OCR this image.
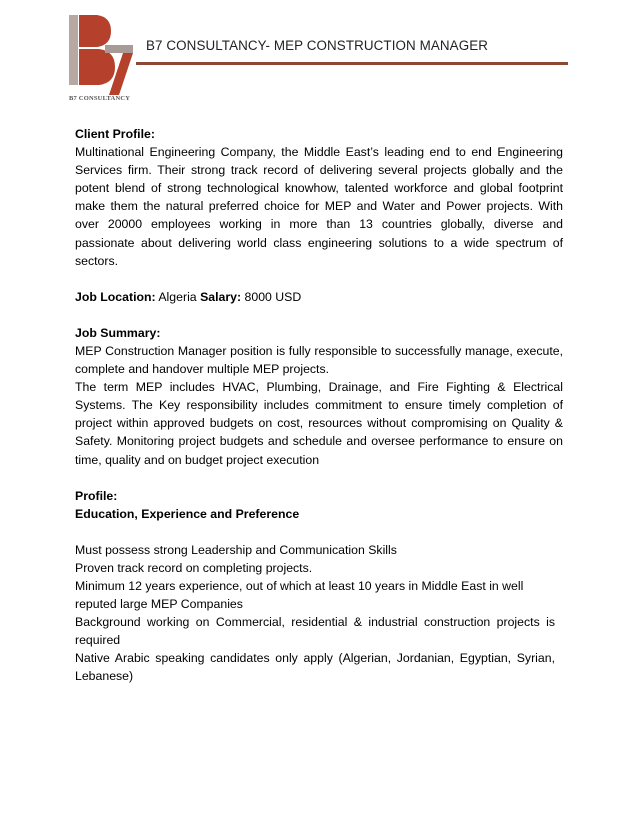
B7 CONSULTANCY
B7 CONSULTANCY- MEP CONSTRUCTION MANAGER

Client Profile:

Multinational Engineering Company, the Middle East’s leading end to end Engineering Services firm. Their strong track record of delivering several projects globally and the potent blend of strong technological knowhow, talented workforce and global footprint make them the natural preferred choice for MEP and Water and Power projects. With over 20000 employees working in more than 13 countries globally, diverse and passionate about delivering world class engineering solutions to a wide spectrum of sectors.

Job Location: Algeria Salary: 8000 USD

Job Summary:

MEP Construction Manager position is fully responsible to successfully manage, execute, complete and handover multiple MEP projects.

The term MEP includes HVAC, Plumbing, Drainage, and Fire Fighting & Electrical Systems. The Key responsibility includes commitment to ensure timely completion of project within approved budgets on cost, resources without compromising on Quality & Safety. Monitoring project budgets and schedule and oversee performance to ensure on time, quality and on budget project execution

Profile:

Education, Experience and Preference

Must possess strong Leadership and Communication Skills

Proven track record on completing projects.

Minimum 12 years experience, out of which at least 10 years in Middle East in well reputed large MEP Companies

Background working on Commercial, residential & industrial construction projects is required

Native Arabic speaking candidates only apply (Algerian, Jordanian, Egyptian, Syrian, Lebanese)
